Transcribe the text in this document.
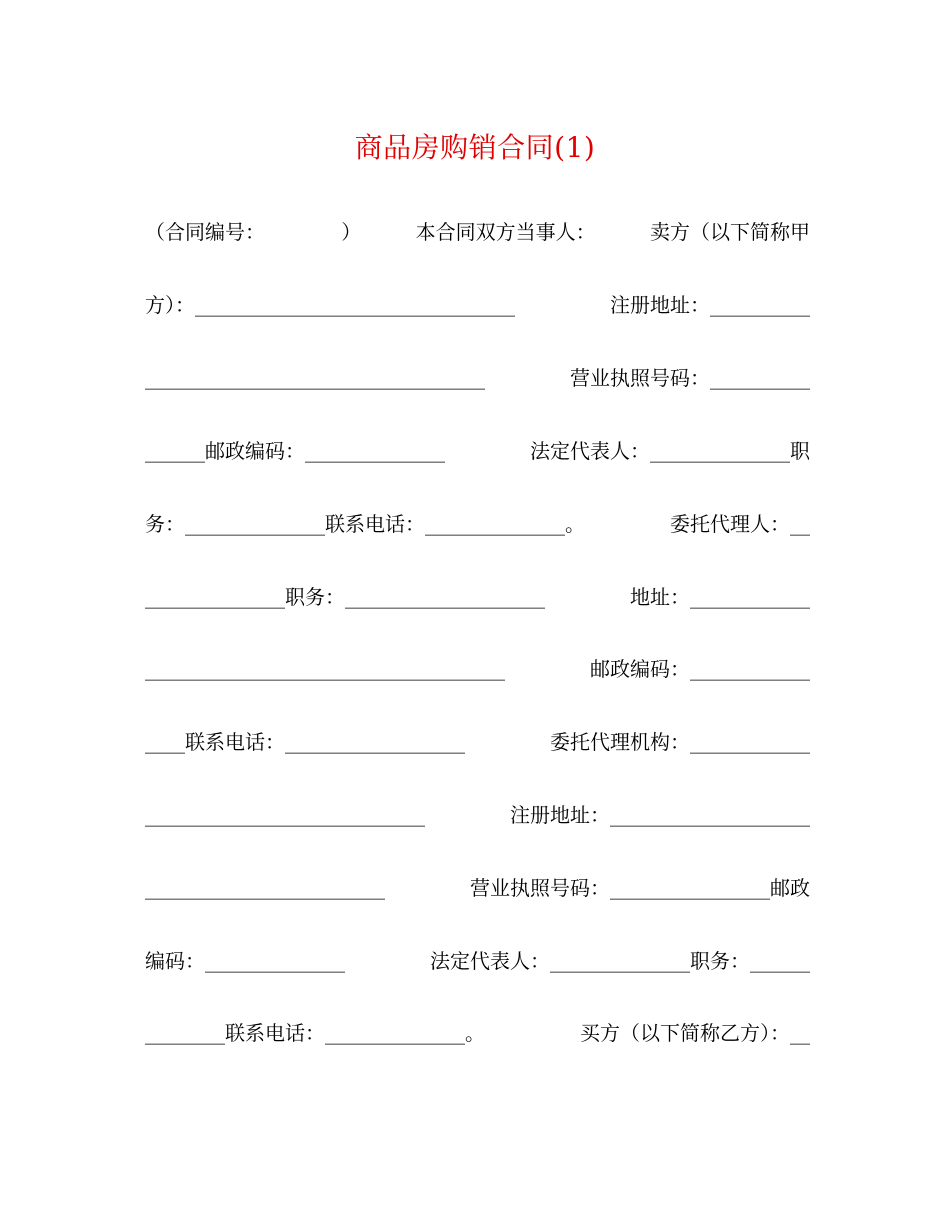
商品房购销合同(1)
（合同编号：            ）	本合同双方当事人：	卖方（以下简称甲
方）：________________________________	注册地址：__________
__________________________________	营业执照号码：__________
______邮政编码：______________	法定代表人：______________职
务：______________联系电话：______________。	委托代理人：__
______________职务：____________________	地址：____________
____________________________________	邮政编码：____________
____联系电话：__________________	委托代理机构：____________
____________________________	注册地址：____________________
________________________	营业执照号码：________________邮政
编码：______________	法定代表人：______________职务：______
________联系电话：______________。	买方（以下简称乙方）：__
